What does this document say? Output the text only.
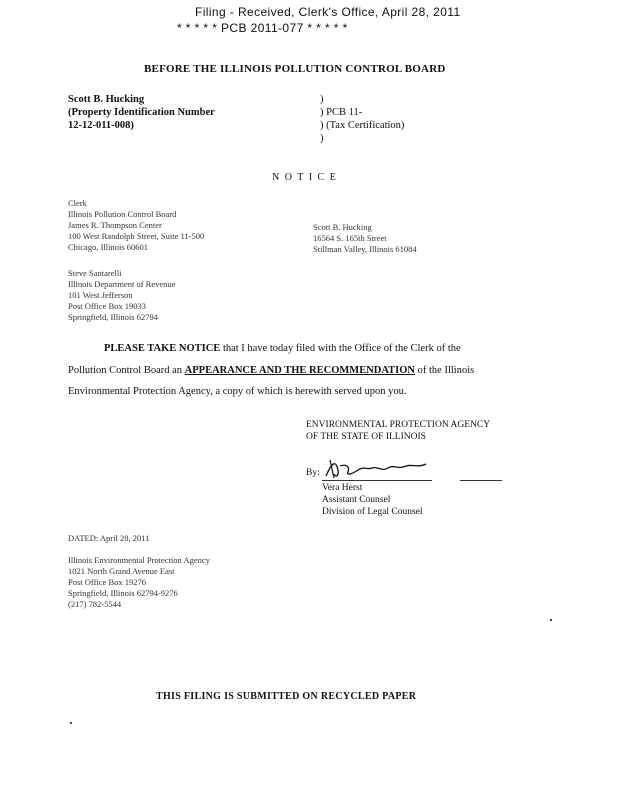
Filing - Received, Clerk's Office, April 28, 2011
* * * * * PCB 2011-077 * * * * *
BEFORE THE ILLINOIS POLLUTION CONTROL BOARD
Scott B. Hucking
(Property Identification Number
12-12-011-008)
)
) PCB 11-
) (Tax Certification)
)
N O T I C E
Clerk
Illinois Pollution Control Board
James R. Thompson Center
100 West Randolph Street, Suite 11-500
Chicago, Illinois 60601
Scott B. Hucking
16564 S. 165th Street
Stillman Valley, Illinois 61084
Steve Santarelli
Illinois Department of Revenue
101 West Jefferson
Post Office Box 19033
Springfield, Illinois 62794
PLEASE TAKE NOTICE that I have today filed with the Office of the Clerk of the
Pollution Control Board an APPEARANCE AND THE RECOMMENDATION of the Illinois
Environmental Protection Agency, a copy of which is herewith served upon you.
ENVIRONMENTAL PROTECTION AGENCY
OF THE STATE OF ILLINOIS
By:
Vera Herst
Assistant Counsel
Division of Legal Counsel
DATED: April 28, 2011
Illinois Environmental Protection Agency
1021 North Grand Avenue East
Post Office Box 19276
Springfield, Illinois 62794-9276
(217) 782-5544
THIS FILING IS SUBMITTED ON RECYCLED PAPER
